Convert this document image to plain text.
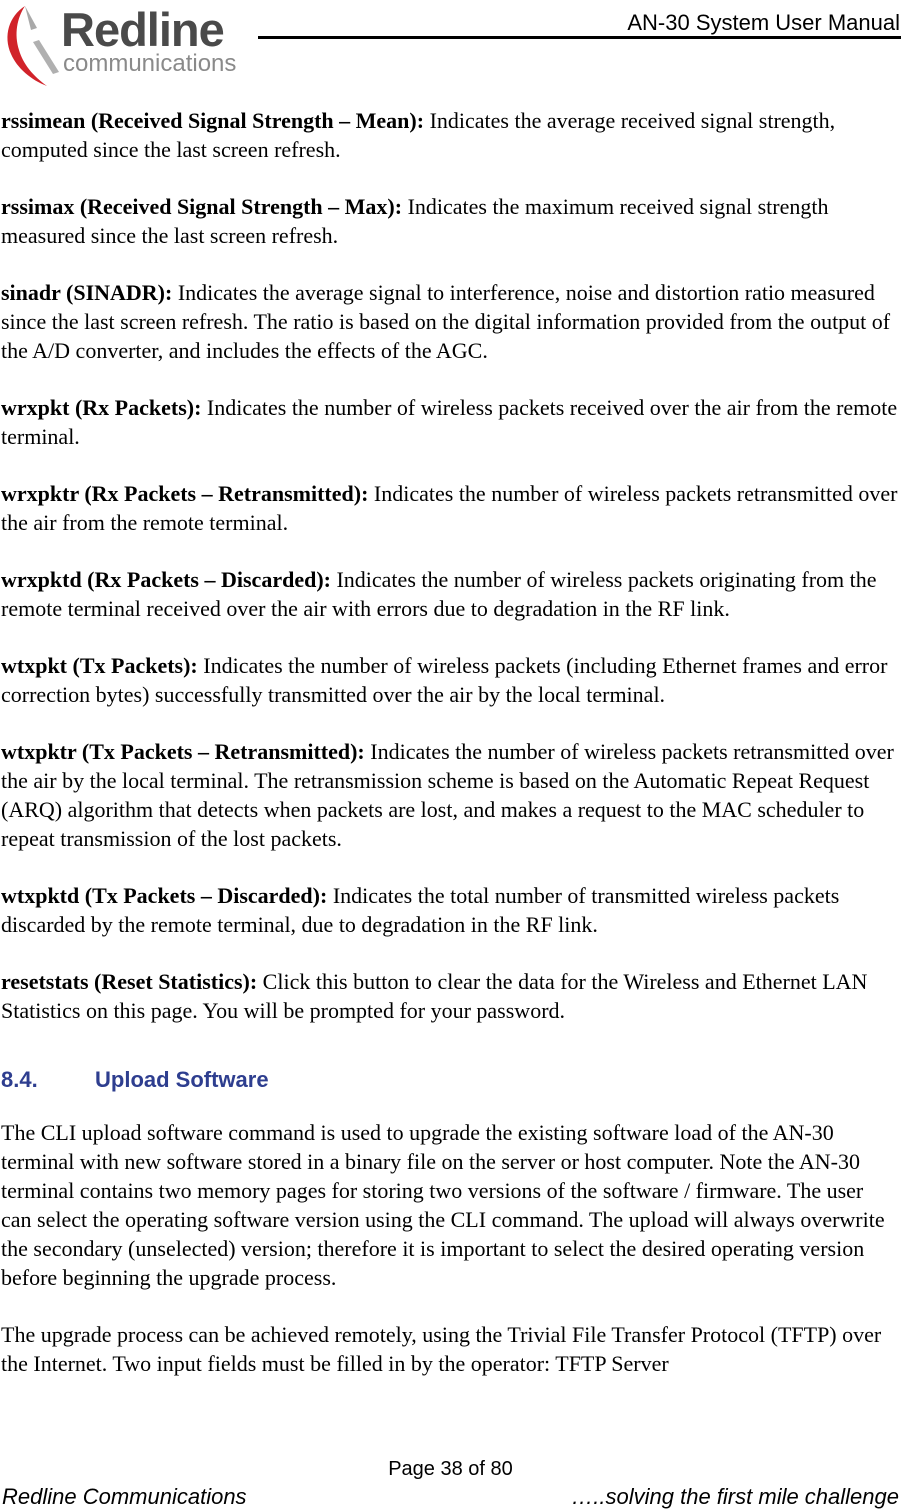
Redline
communications
AN-30 System User Manual

rssimean (Received Signal Strength – Mean): Indicates the average received signal strength, computed since the last screen refresh.

rssimax (Received Signal Strength – Max): Indicates the maximum received signal strength measured since the last screen refresh.

sinadr (SINADR): Indicates the average signal to interference, noise and distortion ratio measured since the last screen refresh. The ratio is based on the digital information provided from the output of the A/D converter, and includes the effects of the AGC.

wrxpkt (Rx Packets): Indicates the number of wireless packets received over the air from the remote terminal.

wrxpktr (Rx Packets – Retransmitted): Indicates the number of wireless packets retransmitted over the air from the remote terminal.

wrxpktd (Rx Packets – Discarded): Indicates the number of wireless packets originating from the remote terminal received over the air with errors due to degradation in the RF link.

wtxpkt (Tx Packets): Indicates the number of wireless packets (including Ethernet frames and error correction bytes) successfully transmitted over the air by the local terminal.

wtxpktr (Tx Packets – Retransmitted): Indicates the number of wireless packets retransmitted over the air by the local terminal. The retransmission scheme is based on the Automatic Repeat Request (ARQ) algorithm that detects when packets are lost, and makes a request to the MAC scheduler to repeat transmission of the lost packets.

wtxpktd (Tx Packets – Discarded): Indicates the total number of transmitted wireless packets discarded by the remote terminal, due to degradation in the RF link.

resetstats (Reset Statistics): Click this button to clear the data for the Wireless and Ethernet LAN Statistics on this page. You will be prompted for your password.

8.4.	Upload Software

The CLI upload software command is used to upgrade the existing software load of the AN-30 terminal with new software stored in a binary file on the server or host computer. Note the AN-30 terminal contains two memory pages for storing two versions of the software / firmware. The user can select the operating software version using the CLI command. The upload will always overwrite the secondary (unselected) version; therefore it is important to select the desired operating version before beginning the upgrade process.

The upgrade process can be achieved remotely, using the Trivial File Transfer Protocol (TFTP) over the Internet. Two input fields must be filled in by the operator: TFTP Server

Page 38 of 80
Redline Communications	…..solving the first mile challenge
